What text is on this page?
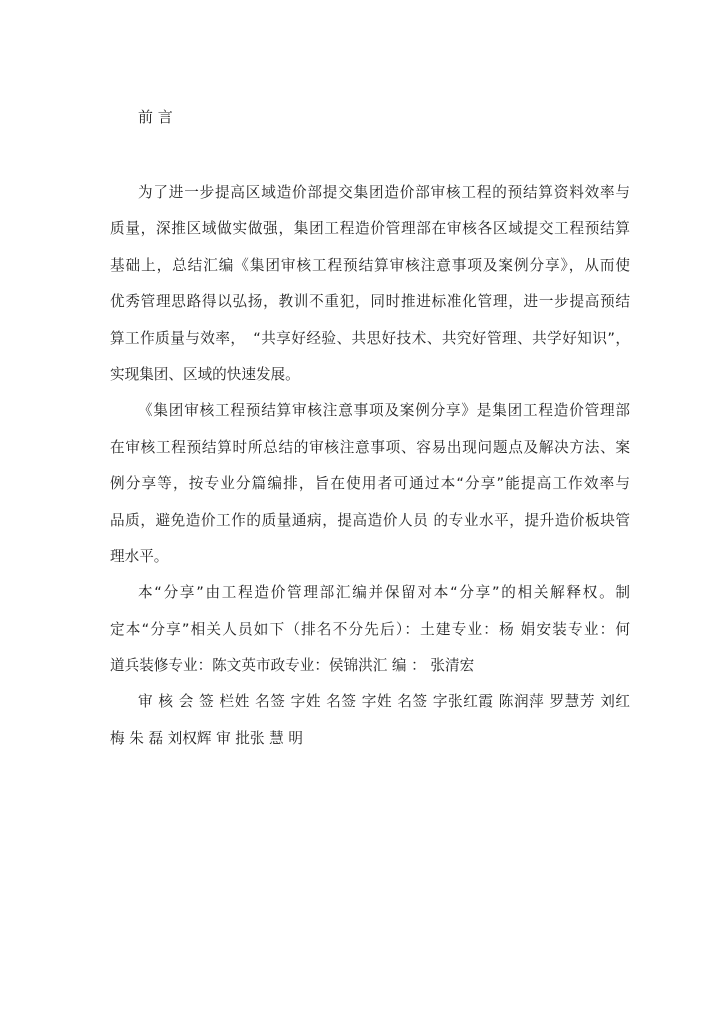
前 言
为了进一步提高区域造价部提交集团造价部审核工程的预结算资料效率与
质量，深推区域做实做强，集团工程造价管理部在审核各区域提交工程预结算
基础上，总结汇编《集团审核工程预结算审核注意事项及案例分享》，从而使
优秀管理思路得以弘扬，教训不重犯，同时推进标准化管理，进一步提高预结
算工作质量与效率，　“共享好经验、共思好技术、共究好管理、共学好知识”，
实现集团、区域的快速发展。
《集团审核工程预结算审核注意事项及案例分享》是集团工程造价管理部
在审核工程预结算时所总结的审核注意事项、容易出现问题点及解决方法、案
例分享等，按专业分篇编排，旨在使用者可通过本“分享”能提高工作效率与
品质，避免造价工作的质量通病，提高造价人员 的专业水平，提升造价板块管
理水平。
本“分享”由工程造价管理部汇编并保留对本“分享”的相关解释权。制
定本“分享”相关人员如下（排名不分先后）：土建专业：杨 娟安装专业：何
道兵装修专业：陈文英市政专业：侯锦洪汇 编 ： 张清宏
审 核 会 签 栏姓 名签 字姓 名签 字姓 名签 字张红霞 陈润萍 罗慧芳 刘红
梅 朱 磊 刘权辉 审 批张 慧 明
